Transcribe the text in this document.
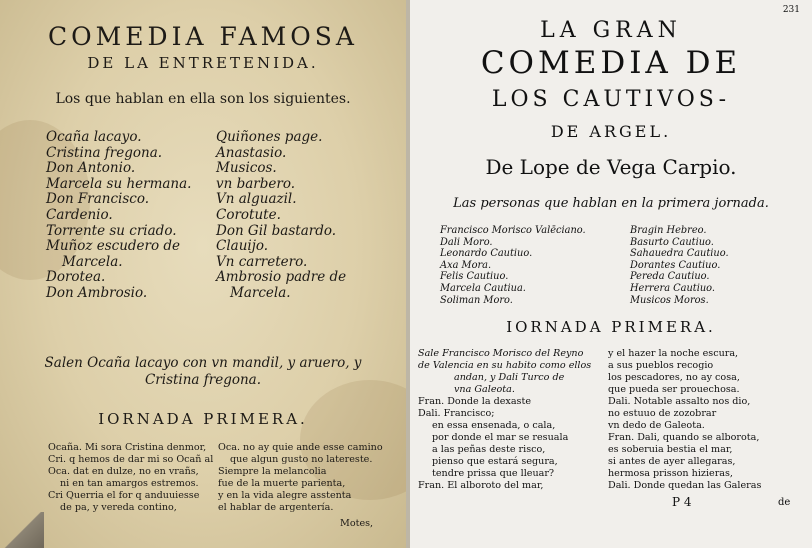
COMEDIA FAMOSA
DE LA ENTRETENIDA.
Los que hablan en ella son los siguientes.
Ocaña lacayo.
Cristina fregona.
Don Antonio.
Marcela su hermana.
Don Francisco.
Cardenio.
Torrente su criado.
Muñoz escudero de
Marcela.
Dorotea.
Don Ambrosio.
Quiñones page.
Anastasio.
Musicos.
vn barbero.
Vn alguazil.
Corotute.
Don Gil bastardo.
Clauijo.
Vn carretero.
Ambrosio padre de
Marcela.
Salen Ocaña lacayo con vn mandil, y aruero, y
Cristina fregona.
IORNADA PRIMERA.
Ocaña. Mi sora Cristina denmor,
Cri. q hemos de dar mi so Ocañ al
Oca. dat en dulze, no en vrañs,
ni en tan amargos estremos.
Cri Querria el for q anduuiesse
de pa, y vereda contino,
Oca. no ay quie ande esse camino
que algun gusto no latereste.
Siempre la melancolia
fue de la muerte parienta,
y en la vida alegre asstenta
el hablar de argentería.
Motes,
231
LA GRAN
COMEDIA DE
LOS CAUTIVOS-
DE ARGEL.
De Lope de Vega Carpio.
Las personas que hablan en la primera jornada.
Francisco Morisco Valēciano.
Dali Moro.
Leonardo Cautiuo.
Axa Mora.
Felis Cautiuo.
Marcela Cautiua.
Soliman Moro.
Bragin Hebreo.
Basurto Cautiuo.
Sahauedra Cautiuo.
Dorantes Cautiuo.
Pereda Cautiuo.
Herrera Cautiuo.
Musicos Moros.
IORNADA PRIMERA.
Sale Francisco Morisco del Reyno
de Valencia en su habito como ellos
andan, y Dali Turco de
vna Galeota.
Fran. Donde la dexaste
Dali. Francisco;
en essa ensenada, o cala,
por donde el mar se resuala
a las peñas deste risco,
pienso que estará segura,
tendre prissa que lleuar?
Fran. El alboroto del mar,
y el hazer la noche escura,
a sus pueblos recogio
los pescadores, no ay cosa,
que pueda ser prouechosa.
Dali. Notable assalto nos dio,
no estuuo de zozobrar
vn dedo de Galeota.
Fran. Dali, quando se alborota,
es soberuia bestia el mar,
si antes de ayer allegaras,
hermosa prisson hizieras,
Dali. Donde quedan las Galeras
P 4	de
